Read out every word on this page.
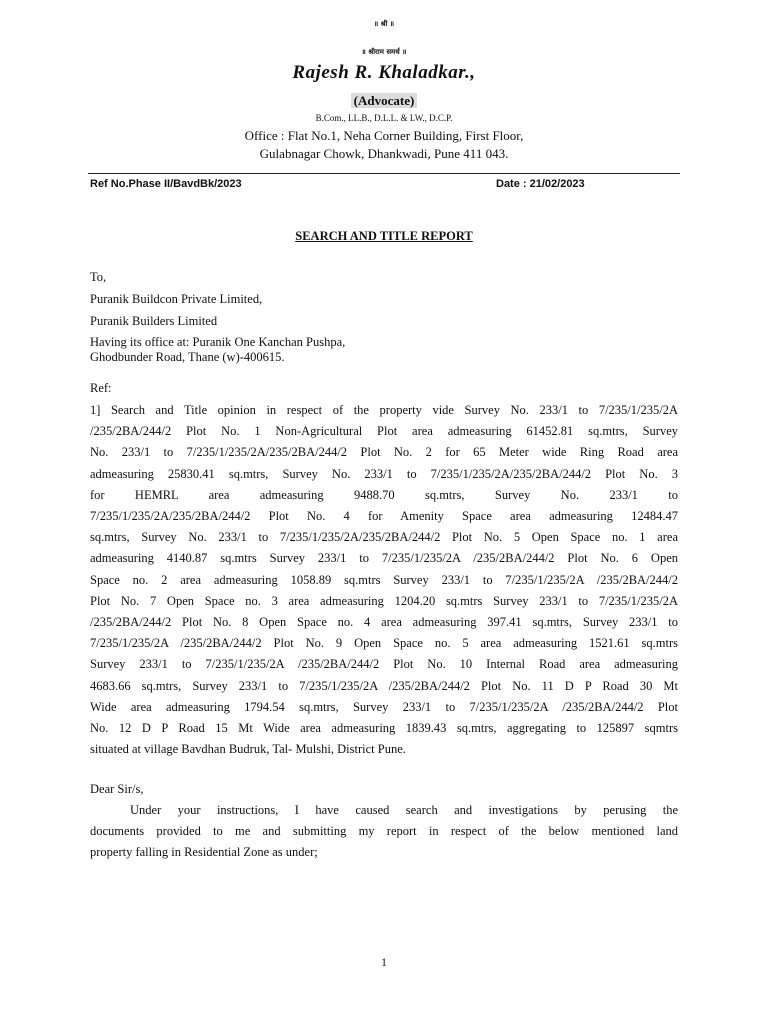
॥ श्री ॥
॥ श्रीराम समर्थ ॥
Rajesh R. Khaladkar.,
(Advocate)
B.Com., LL.B., D.L.L. & LW., D.C.P.
Office : Flat No.1, Neha Corner Building, First Floor,
Gulabnagar Chowk, Dhankwadi, Pune 411 043.
Ref No.Phase II/BavdBk/2023	Date : 21/02/2023
SEARCH AND TITLE REPORT
To,
Puranik Buildcon Private Limited,
Puranik Builders Limited
Having its office at: Puranik One Kanchan Pushpa,
Ghodbunder Road, Thane (w)-400615.
Ref:
1] Search and Title opinion in respect of the property vide Survey No. 233/1 to 7/235/1/235/2A
/235/2BA/244/2 Plot No. 1 Non-Agricultural Plot area admeasuring 61452.81 sq.mtrs, Survey
No. 233/1 to 7/235/1/235/2A/235/2BA/244/2 Plot No. 2 for 65 Meter wide Ring Road area
admeasuring 25830.41 sq.mtrs, Survey No. 233/1 to 7/235/1/235/2A/235/2BA/244/2 Plot No. 3
for HEMRL area admeasuring 9488.70 sq.mtrs, Survey No. 233/1 to
7/235/1/235/2A/235/2BA/244/2 Plot No. 4 for Amenity Space area admeasuring 12484.47
sq.mtrs, Survey No. 233/1 to 7/235/1/235/2A/235/2BA/244/2 Plot No. 5 Open Space no. 1 area
admeasuring 4140.87 sq.mtrs Survey 233/1 to 7/235/1/235/2A /235/2BA/244/2 Plot No. 6 Open
Space no. 2 area admeasuring 1058.89 sq.mtrs Survey 233/1 to 7/235/1/235/2A /235/2BA/244/2
Plot No. 7 Open Space no. 3 area admeasuring 1204.20 sq.mtrs Survey 233/1 to 7/235/1/235/2A
/235/2BA/244/2 Plot No. 8 Open Space no. 4 area admeasuring 397.41 sq.mtrs, Survey 233/1 to
7/235/1/235/2A /235/2BA/244/2 Plot No. 9 Open Space no. 5 area admeasuring 1521.61 sq.mtrs
Survey 233/1 to 7/235/1/235/2A /235/2BA/244/2 Plot No. 10 Internal Road area admeasuring
4683.66 sq.mtrs, Survey 233/1 to 7/235/1/235/2A /235/2BA/244/2 Plot No. 11 D P Road 30 Mt
Wide area admeasuring 1794.54 sq.mtrs, Survey 233/1 to 7/235/1/235/2A /235/2BA/244/2 Plot
No. 12 D P Road 15 Mt Wide area admeasuring 1839.43 sq.mtrs, aggregating to 125897 sqmtrs
situated at village Bavdhan Budruk, Tal- Mulshi, District Pune.
Dear Sir/s,
Under your instructions, I have caused search and investigations by perusing the
documents provided to me and submitting my report in respect of the below mentioned land
property falling in Residential Zone as under;
1
